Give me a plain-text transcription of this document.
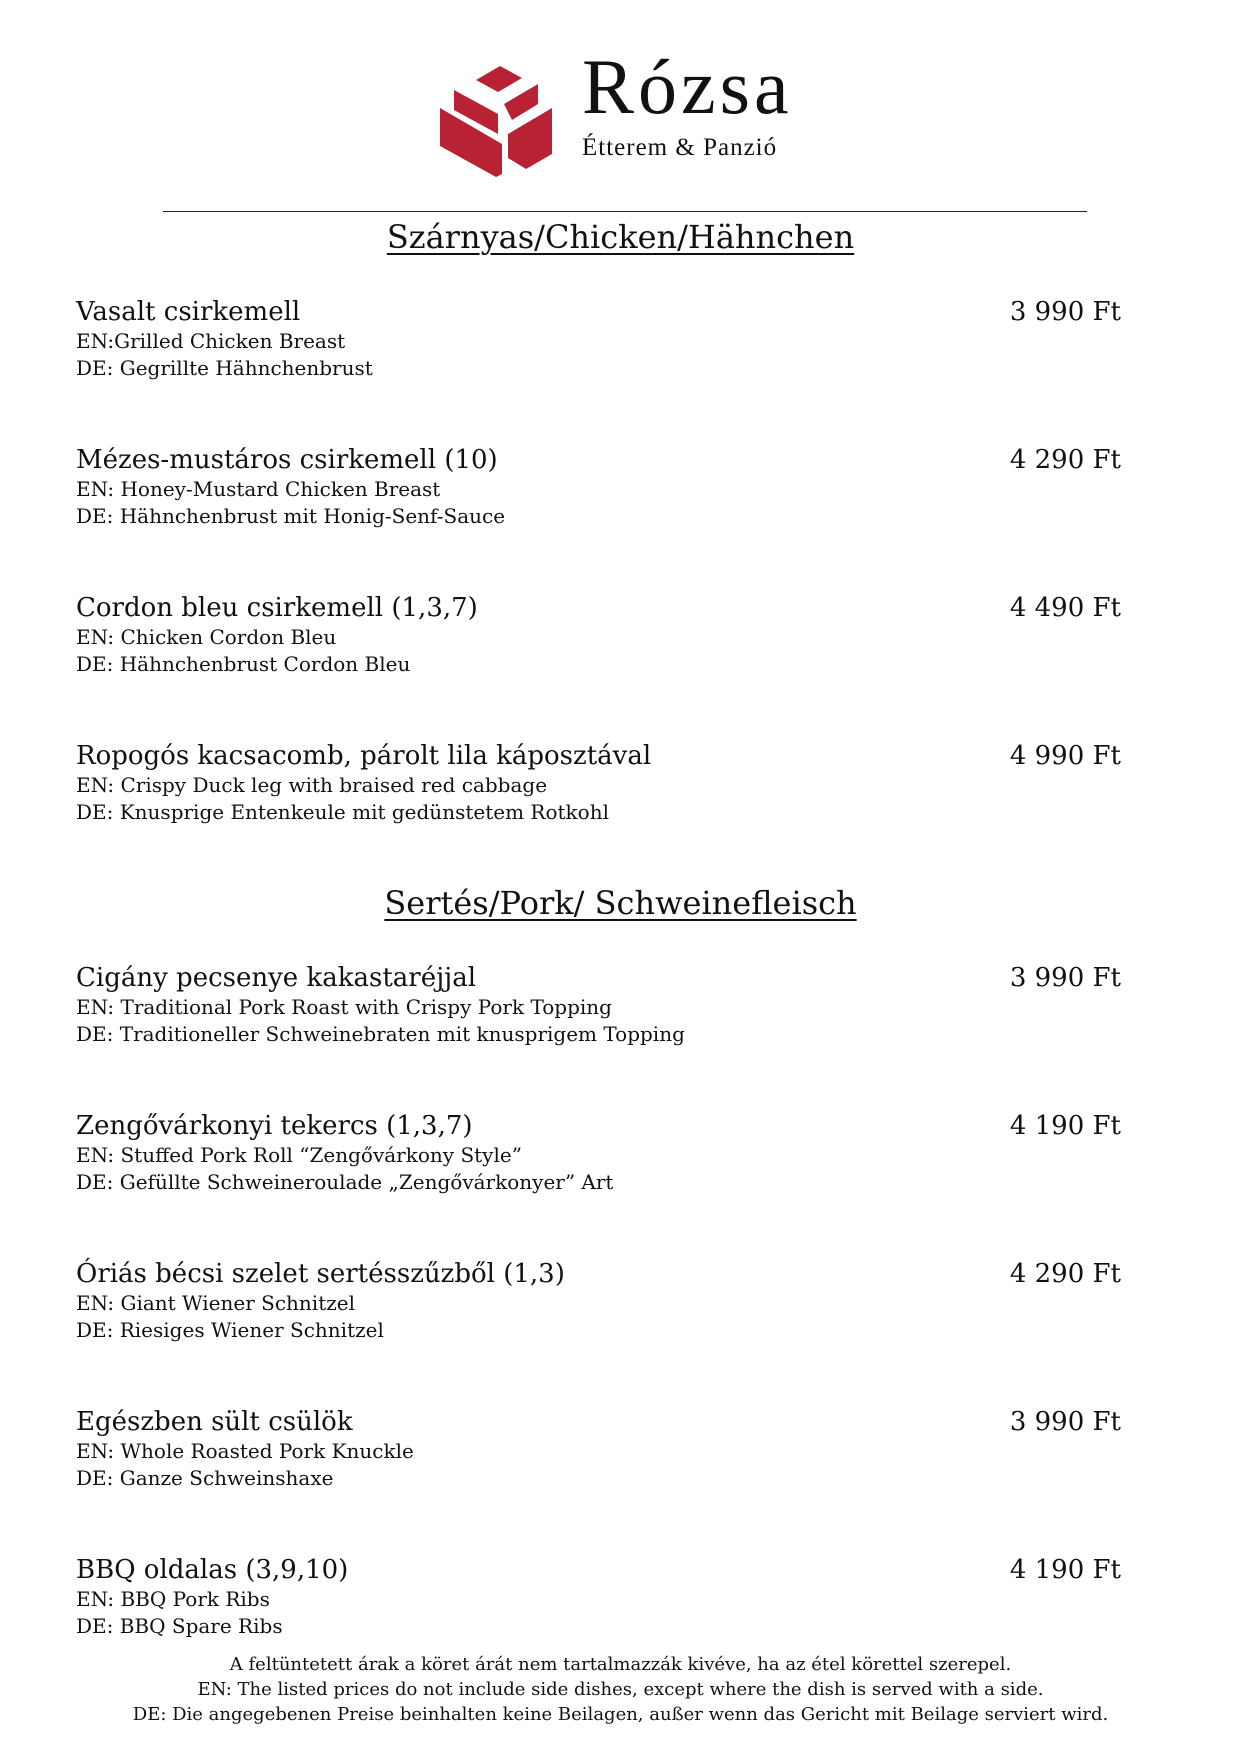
Rózsa
Étterem & Panzió
Szárnyas/Chicken/Hähnchen
Vasalt csirkemell	3 990 Ft
EN:Grilled Chicken Breast
DE: Gegrillte Hähnchenbrust
Mézes-mustáros csirkemell (10)	4 290 Ft
EN: Honey-Mustard Chicken Breast
DE: Hähnchenbrust mit Honig-Senf-Sauce
Cordon bleu csirkemell (1,3,7)	4 490 Ft
EN: Chicken Cordon Bleu
DE: Hähnchenbrust Cordon Bleu
Ropogós kacsacomb, párolt lila káposztával	4 990 Ft
EN: Crispy Duck leg with braised red cabbage
DE: Knusprige Entenkeule mit gedünstetem Rotkohl
Sertés/Pork/ Schweinefleisch
Cigány pecsenye kakastaréjjal	3 990 Ft
EN: Traditional Pork Roast with Crispy Pork Topping
DE: Traditioneller Schweinebraten mit knusprigem Topping
Zengővárkonyi tekercs (1,3,7)	4 190 Ft
EN: Stuffed Pork Roll “Zengővárkony Style”
DE: Gefüllte Schweineroulade „Zengővárkonyer” Art
Óriás bécsi szelet sertésszűzből (1,3)	4 290 Ft
EN: Giant Wiener Schnitzel
DE: Riesiges Wiener Schnitzel
Egészben sült csülök	3 990 Ft
EN: Whole Roasted Pork Knuckle
DE: Ganze Schweinshaxe
BBQ oldalas (3,9,10)	4 190 Ft
EN: BBQ Pork Ribs
DE: BBQ Spare Ribs
A feltüntetett árak a köret árát nem tartalmazzák kivéve, ha az étel körettel szerepel.
EN: The listed prices do not include side dishes, except where the dish is served with a side.
DE: Die angegebenen Preise beinhalten keine Beilagen, außer wenn das Gericht mit Beilage serviert wird.
